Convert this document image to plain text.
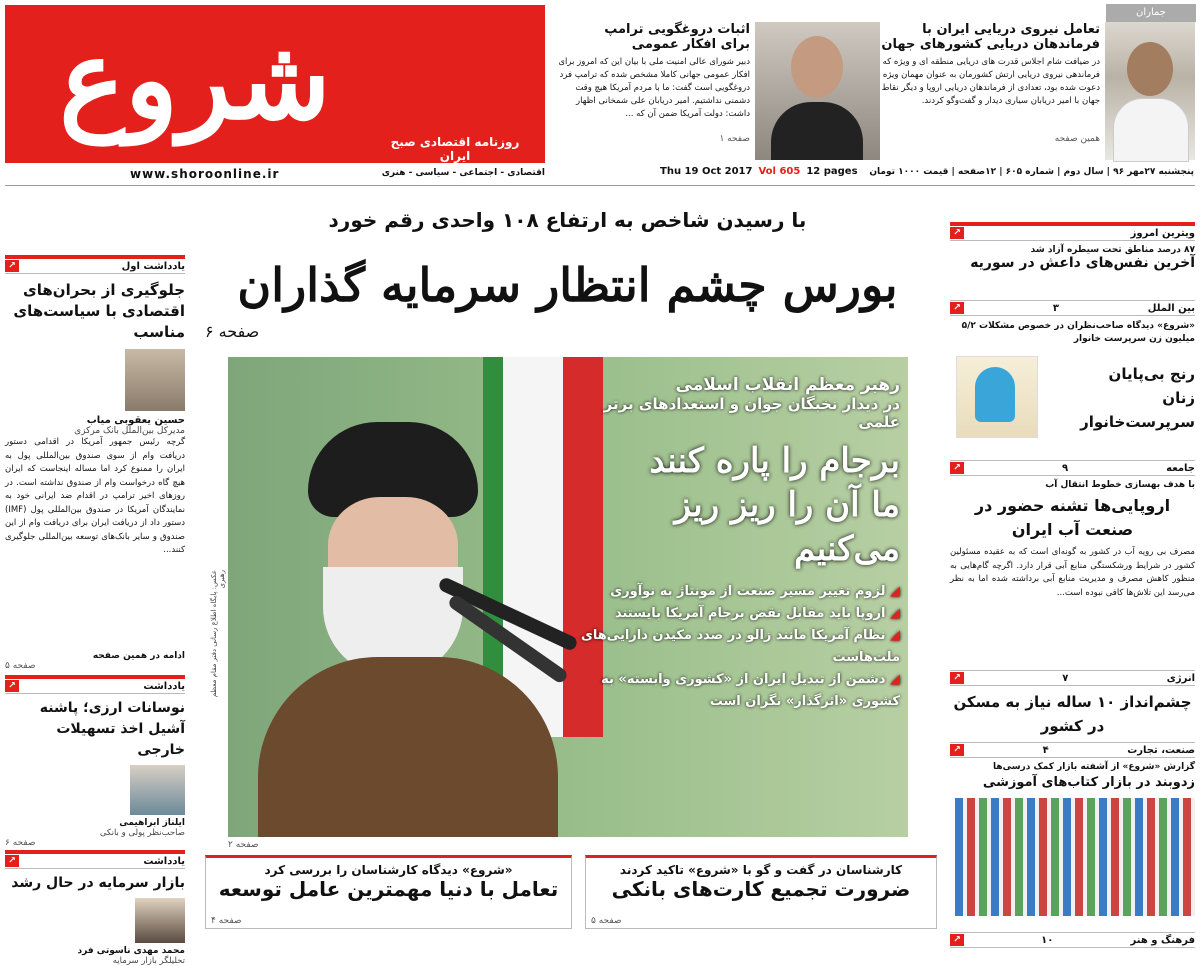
شروع	روزنامه اقتصادی صبح ایران
www.shoroonline.ir	اقتصادی - اجتماعی - سیاسی - هنری	Thu 19 Oct 2017 Vol 605 12 pages پنجشنبه ۲۷مهر ۹۶ | سال دوم | شماره ۶۰۵ | ۱۲صفحه | قیمت ۱۰۰۰ تومان
جماران
تعامل نیروی دریایی ایران با
فرماندهان دریایی کشورهای جهان
در ضیافت شام اجلاس قدرت های دریایی منطقه ای و ویژه که فرماندهی نیروی دریایی ارتش کشورمان به عنوان مهمان ویژه دعوت شده بود، تعدادی از فرماندهان دریایی اروپا و دیگر نقاط جهان با امیر دریابان سیاری دیدار و گفت‌وگو کردند.
همین صفحه
اثبات دروغگویی ترامپ
برای افکار عمومی
دبیر شورای عالی امنیت ملی با بیان این که امروز برای افکار عمومی جهانی کاملا مشخص شده که ترامپ فرد دروغگویی است گفت: ما با مردم آمریکا هیچ وقت دشمنی نداشتیم. امیر دریابان علی شمخانی اظهار داشت: دولت آمریکا ضمن آن که ...
صفحه ۱
با رسیدن شاخص به ارتفاع ۱۰۸ واحدی رقم خورد
بورس چشم انتظار سرمایه گذاران
صفحه ۶
رهبر معظم انقلاب اسلامی
در دیدار نخبگان جوان و استعدادهای برتر علمی
برجام را پاره کنند
ما آن را ریز ریز می‌کنیم
◢ لزوم تغییر مسیر صنعت از مونتاژ به نوآوری
◢ اروپا باید مقابل نقض برجام آمریکا بایستند
◢ نظام آمریکا مانند زالو در صدد مکیدن دارایی‌های ملت‌هاست
◢ دشمن از تبدیل ایران از «کشوری وابسته» به کشوری «اثرگذار» نگران است
عکس: پایگاه اطلاع رسانی دفتر مقام معظم رهبری
صفحه ۲
«شروع» دیدگاه کارشناسان را بررسی کرد
تعامل با دنیا مهمترین عامل توسعه
صفحه ۴
کارشناسان در گفت و گو با «شروع» تاکید کردند
ضرورت تجمیع کارت‌های بانکی
صفحه ۵
یادداشت اول
↗
جلوگیری از بحران‌های اقتصادی با سیاست‌های مناسب
حسین یعقوبی میاب
مدیرکل بین‌الملل بانک مرکزی
گرچه رئیس جمهور آمریکا در اقدامی دستور دریافت وام از سوی صندوق بین‌المللی پول به ایران را ممنوع کرد اما مساله اینجاست که ایران هیچ گاه درخواست وام از صندوق نداشته است. در روزهای اخیر ترامپ در اقدام ضد ایرانی خود به نمایندگان آمریکا در صندوق بین‌المللی پول (IMF) دستور داد از دریافت ایران برای دریافت وام از این صندوق و سایر بانک‌های توسعه بین‌المللی جلوگیری کنند...
ادامه در همین صفحه
صفحه ۵
یادداشت
↗
نوسانات ارزی؛ پاشنه آشیل اخذ تسهیلات خارجی
ایلناز ابراهیمی
صاحب‌نظر پولی و بانکی
صفحه ۶
یادداشت
↗
بازار سرمایه در حال رشد
محمد مهدی ناسوتی فرد
تحلیلگر بازار سرمایه
ویترین امروز
↗
۸۷ درصد مناطق تحت سیطره آزاد شد
آخرین نفس‌های داعش در سوریه
بین الملل
۳
↗
«شروع» دیدگاه صاحب‌نظران در خصوص مشکلات ۵/۲ میلیون زن سرپرست خانوار
رنج بی‌پایان زنان سرپرست‌خانوار
جامعه
۹
↗
با هدف بهسازی خطوط انتقال آب
اروپایی‌ها تشنه حضور در صنعت آب ایران
مصرف بی رویه آب در کشور به گونه‌ای است که به عقیده مسئولین کشور در شرایط ورشکستگی منابع آبی قرار دارد. اگرچه گام‌هایی به منظور کاهش مصرف و مدیریت منابع آبی برداشته شده اما به نظر می‌رسد این تلاش‌ها کافی نبوده است...
انرژی
۷
↗
چشم‌انداز ۱۰ ساله نیاز به مسکن در کشور
صنعت، تجارت
۴
↗
گزارش «شروع» از آشفته بازار کمک درسی‌ها
زدوبند در بازار کتاب‌های آموزشی
فرهنگ و هنر
۱۰
↗
